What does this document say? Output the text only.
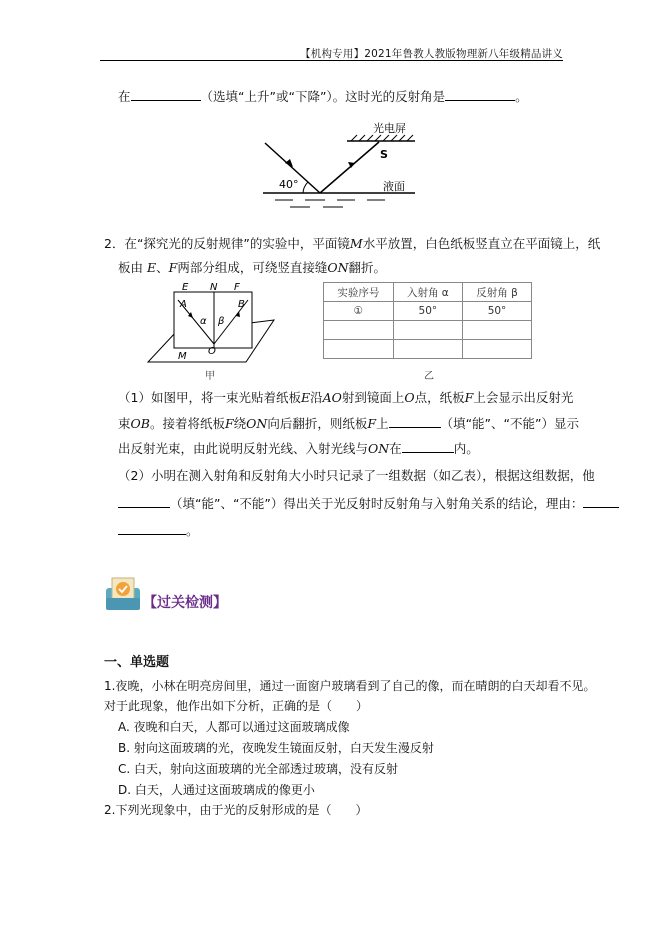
【机构专用】2021年鲁教人教版物理新八年级精品讲义
在	（选填“上升”或“下降”）。这时光的反射角是	。
光电屏
S
40°	液面
2．在“探究光的反射规律”的实验中，平面镜M水平放置，白色纸板竖直立在平面镜上，纸
板由 E、F两部分组成，可绕竖直接缝ON翻折。
E N F
A	B
α β
O
M
甲
实验序号	入射角 α	反射角 β
①	50°	50°

乙
（1）如图甲，将一束光贴着纸板E沿AO射到镜面上O点，纸板F上会显示出反射光
束OB。接着将纸板F绕ON向后翻折，则纸板F上	（填“能”、“不能”）显示
出反射光束，由此说明反射光线、入射光线与ON在	内。
（2）小明在测入射角和反射角大小时只记录了一组数据（如乙表），根据这组数据，他
（填“能”、“不能”）得出关于光反射时反射角与入射角关系的结论，理由：
。
【过关检测】
一、单选题
1.夜晚，小林在明亮房间里，通过一面窗户玻璃看到了自己的像，而在晴朗的白天却看不见。
对于此现象，他作出如下分析，正确的是（　　）
A. 夜晚和白天，人都可以通过这面玻璃成像
B. 射向这面玻璃的光，夜晚发生镜面反射，白天发生漫反射
C. 白天，射向这面玻璃的光全部透过玻璃，没有反射
D. 白天，人通过这面玻璃成的像更小
2.下列光现象中，由于光的反射形成的是（　　）
